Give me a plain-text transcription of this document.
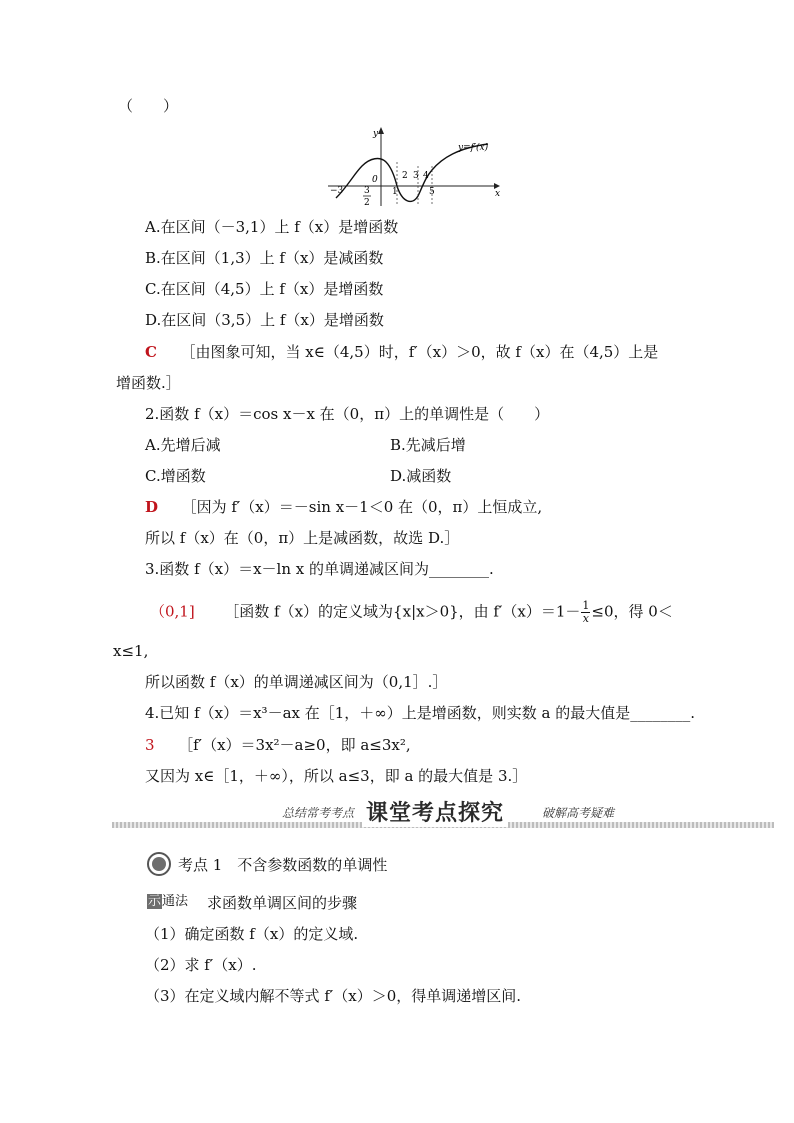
（　　）
y
x
−3 3
2
0
1
2 3 4
5
y=f′(x)
A.在区间（－3,1）上 f（x）是增函数
B.在区间（1,3）上 f（x）是减函数
C.在区间（4,5）上 f（x）是增函数
D.在区间（3,5）上 f（x）是增函数
C ［由图象可知，当 x∈（4,5）时，f′（x）＞0，故 f（x）在（4,5）上是
增函数.］
2.函数 f（x）＝cos x－x 在（0，π）上的单调性是（　　）
A.先增后减	B.先减后增
C.增函数	D.减函数
D ［因为 f′（x）＝－sin x－1＜0 在（0，π）上恒成立,
所以 f（x）在（0，π）上是减函数，故选 D.］
3.函数 f（x）＝x－ln x 的单调递减区间为________.
（0,1] ［函数 f（x）的定义域为{x|x＞0}，由 $f'(x)=1- \frac{1}{x} \le 0$，得 0＜
x≤1,
所以函数 f（x）的单调递减区间为（0,1］.］
4.已知 f（x）＝x³－ax 在［1，＋∞）上是增函数，则实数 a 的最大值是________.
3 ［f′（x）＝3x²－a≥0，即 a≤3x²,
又因为 x∈［1，＋∞），所以 a≤3，即 a 的最大值是 3.］
总结常考考点 课堂考点探究	破解高考疑难
考点 1　不含参数函数的单调性
示通法 求函数单调区间的步骤
（1）确定函数 f（x）的定义域.
（2）求 f′（x）.
（3）在定义域内解不等式 f′（x）＞0，得单调递增区间.
